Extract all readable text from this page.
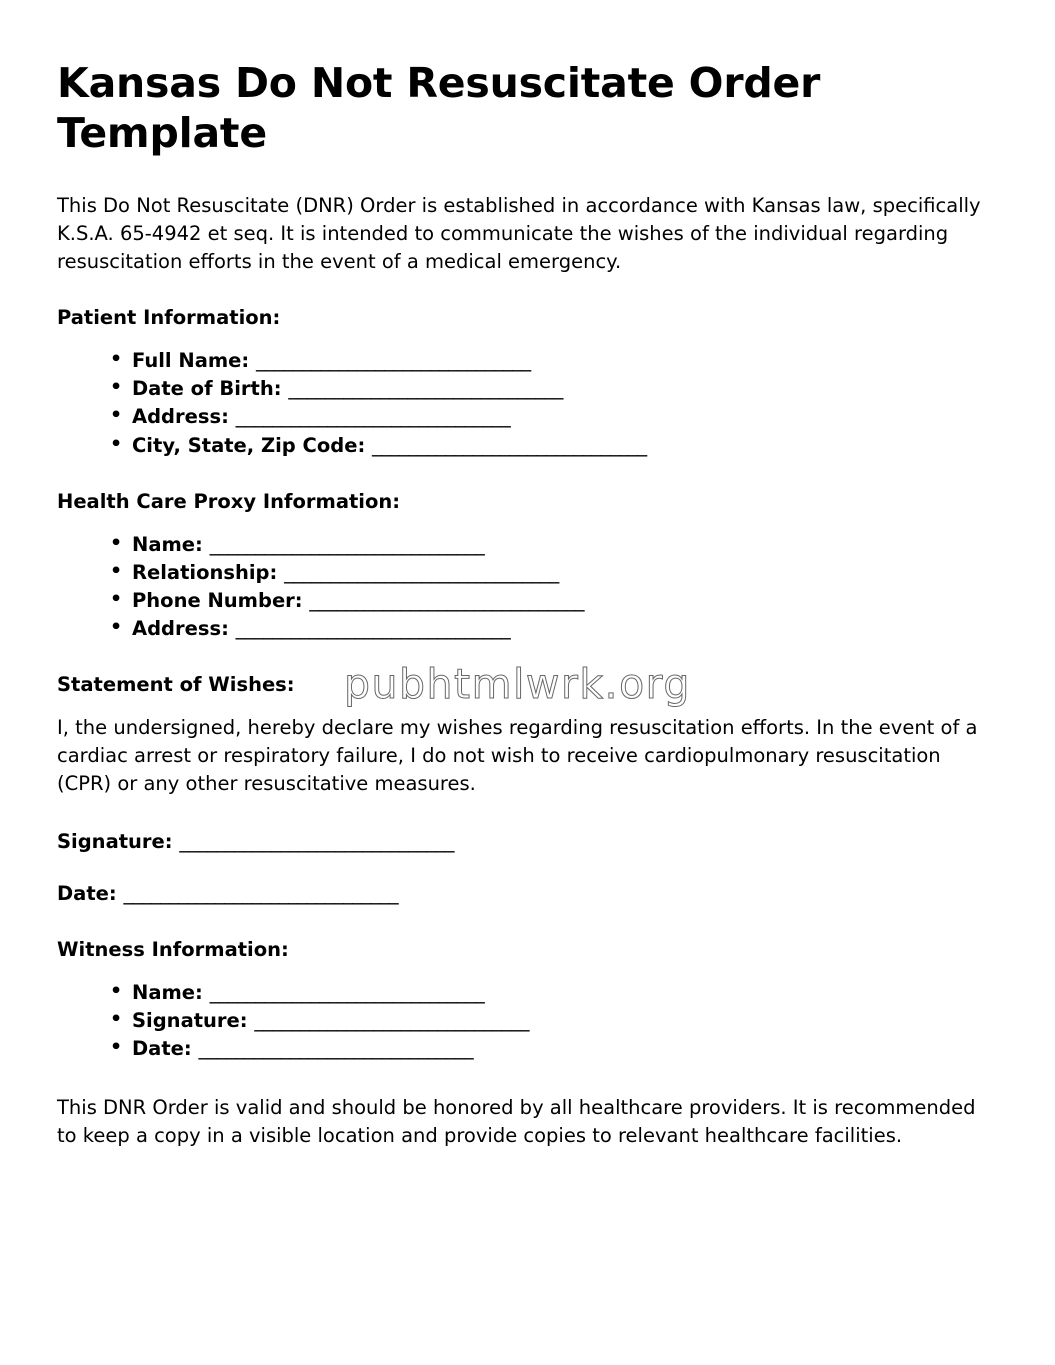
Kansas Do Not Resuscitate Order Template

This Do Not Resuscitate (DNR) Order is established in accordance with Kansas law, specifically K.S.A. 65-4942 et seq. It is intended to communicate the wishes of the individual regarding resuscitation efforts in the event of a medical emergency.

Patient Information:
• Full Name: ______________________________
• Date of Birth: ______________________________
• Address: ______________________________
• City, State, Zip Code: ______________________________
Health Care Proxy Information:
• Name: ______________________________
• Relationship: ______________________________
• Phone Number: ______________________________
• Address: ______________________________
Statement of Wishes:

I, the undersigned, hereby declare my wishes regarding resuscitation efforts. In the event of a cardiac arrest or respiratory failure, I do not wish to receive cardiopulmonary resuscitation (CPR) or any other resuscitative measures.

Signature: ______________________________

Date: ______________________________

Witness Information:
• Name: ______________________________
• Signature: ______________________________
• Date: ______________________________

This DNR Order is valid and should be honored by all healthcare providers. It is recommended to keep a copy in a visible location and provide copies to relevant healthcare facilities.

pubhtmlwrk.org
